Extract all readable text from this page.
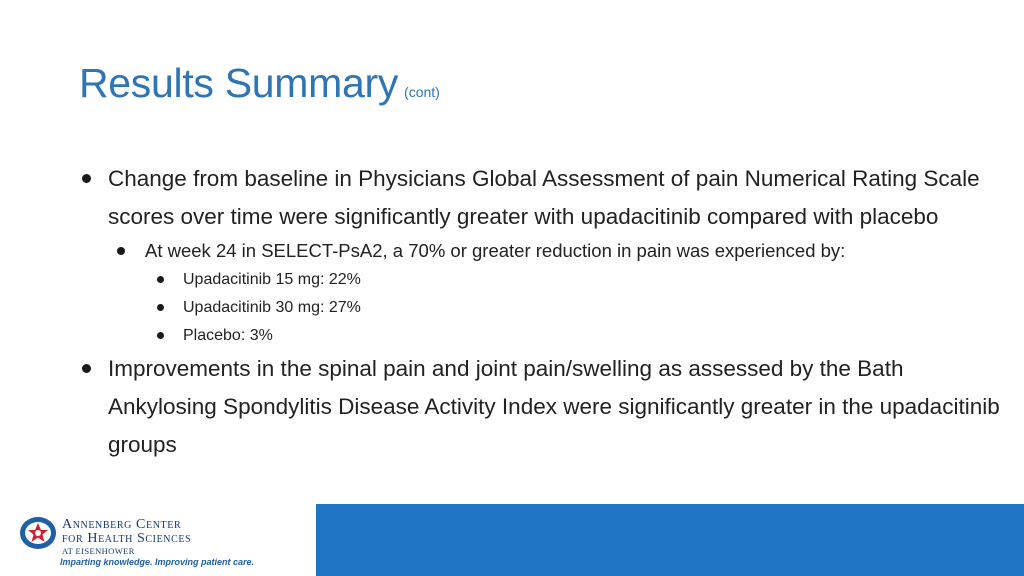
Results Summary (cont)
Change from baseline in Physicians Global Assessment of pain Numerical Rating Scale scores over time were significantly greater with upadacitinib compared with placebo
At week 24 in SELECT-PsA2, a 70% or greater reduction in pain was experienced by:
Upadacitinib 15 mg: 22%
Upadacitinib 30 mg: 27%
Placebo: 3%
Improvements in the spinal pain and joint pain/swelling as assessed by the Bath Ankylosing Spondylitis Disease Activity Index were significantly greater in the upadacitinib groups
Annenberg Center
for Health Sciences
AT EISENHOWER
Imparting knowledge. Improving patient care.
